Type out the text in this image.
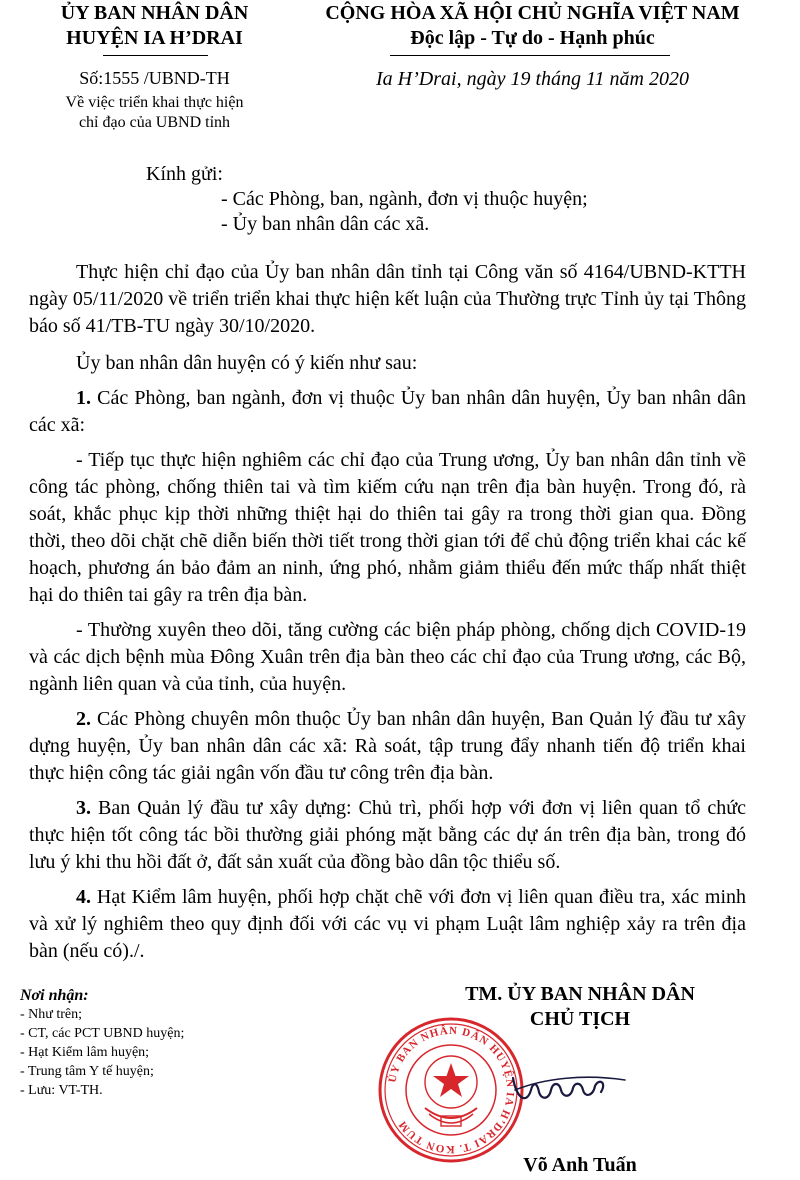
ỦY BAN NHÂN DÂN
HUYỆN IA H’DRAI
CỘNG HÒA XÃ HỘI CHỦ NGHĨA VIỆT NAM
Độc lập - Tự do - Hạnh phúc
Số:1555 /UBND-TH
Về việc triển khai thực hiện
chỉ đạo của UBND tỉnh
Ia H’Drai, ngày 19 tháng 11 năm 2020
Kính gửi:
- Các Phòng, ban, ngành, đơn vị thuộc huyện;
- Ủy ban nhân dân các xã.

Thực hiện chỉ đạo của Ủy ban nhân dân tỉnh tại Công văn số 4164/UBND-KTTH ngày 05/11/2020 về triển triển khai thực hiện kết luận của Thường trực Tỉnh ủy tại Thông báo số 41/TB-TU ngày 30/10/2020.

Ủy ban nhân dân huyện có ý kiến như sau:

1. Các Phòng, ban ngành, đơn vị thuộc Ủy ban nhân dân huyện, Ủy ban nhân dân các xã:

- Tiếp tục thực hiện nghiêm các chỉ đạo của Trung ương, Ủy ban nhân dân tỉnh về công tác phòng, chống thiên tai và tìm kiếm cứu nạn trên địa bàn huyện. Trong đó, rà soát, khắc phục kịp thời những thiệt hại do thiên tai gây ra trong thời gian qua. Đồng thời, theo dõi chặt chẽ diễn biến thời tiết trong thời gian tới để chủ động triển khai các kế hoạch, phương án bảo đảm an ninh, ứng phó, nhằm giảm thiểu đến mức thấp nhất thiệt hại do thiên tai gây ra trên địa bàn.

- Thường xuyên theo dõi, tăng cường các biện pháp phòng, chống dịch COVID-19 và các dịch bệnh mùa Đông Xuân trên địa bàn theo các chỉ đạo của Trung ương, các Bộ, ngành liên quan và của tỉnh, của huyện.

2. Các Phòng chuyên môn thuộc Ủy ban nhân dân huyện, Ban Quản lý đầu tư xây dựng huyện, Ủy ban nhân dân các xã: Rà soát, tập trung đẩy nhanh tiến độ triển khai thực hiện công tác giải ngân vốn đầu tư công trên địa bàn.

3. Ban Quản lý đầu tư xây dựng: Chủ trì, phối hợp với đơn vị liên quan tổ chức thực hiện tốt công tác bồi thường giải phóng mặt bằng các dự án trên địa bàn, trong đó lưu ý khi thu hồi đất ở, đất sản xuất của đồng bào dân tộc thiểu số.

4. Hạt Kiểm lâm huyện, phối hợp chặt chẽ với đơn vị liên quan điều tra, xác minh và xử lý nghiêm theo quy định đối với các vụ vi phạm Luật lâm nghiệp xảy ra trên địa bàn (nếu có)./.

Nơi nhận:
- Như trên;
- CT, các PCT UBND huyện;
- Hạt Kiểm lâm huyện;
- Trung tâm Y tế huyện;
- Lưu: VT-TH.
TM. ỦY BAN NHÂN DÂN
CHỦ TỊCH
ỦY BAN NHÂN DÂN HUYỆN IA H’DRAI T. KON TUM
Võ Anh Tuấn
